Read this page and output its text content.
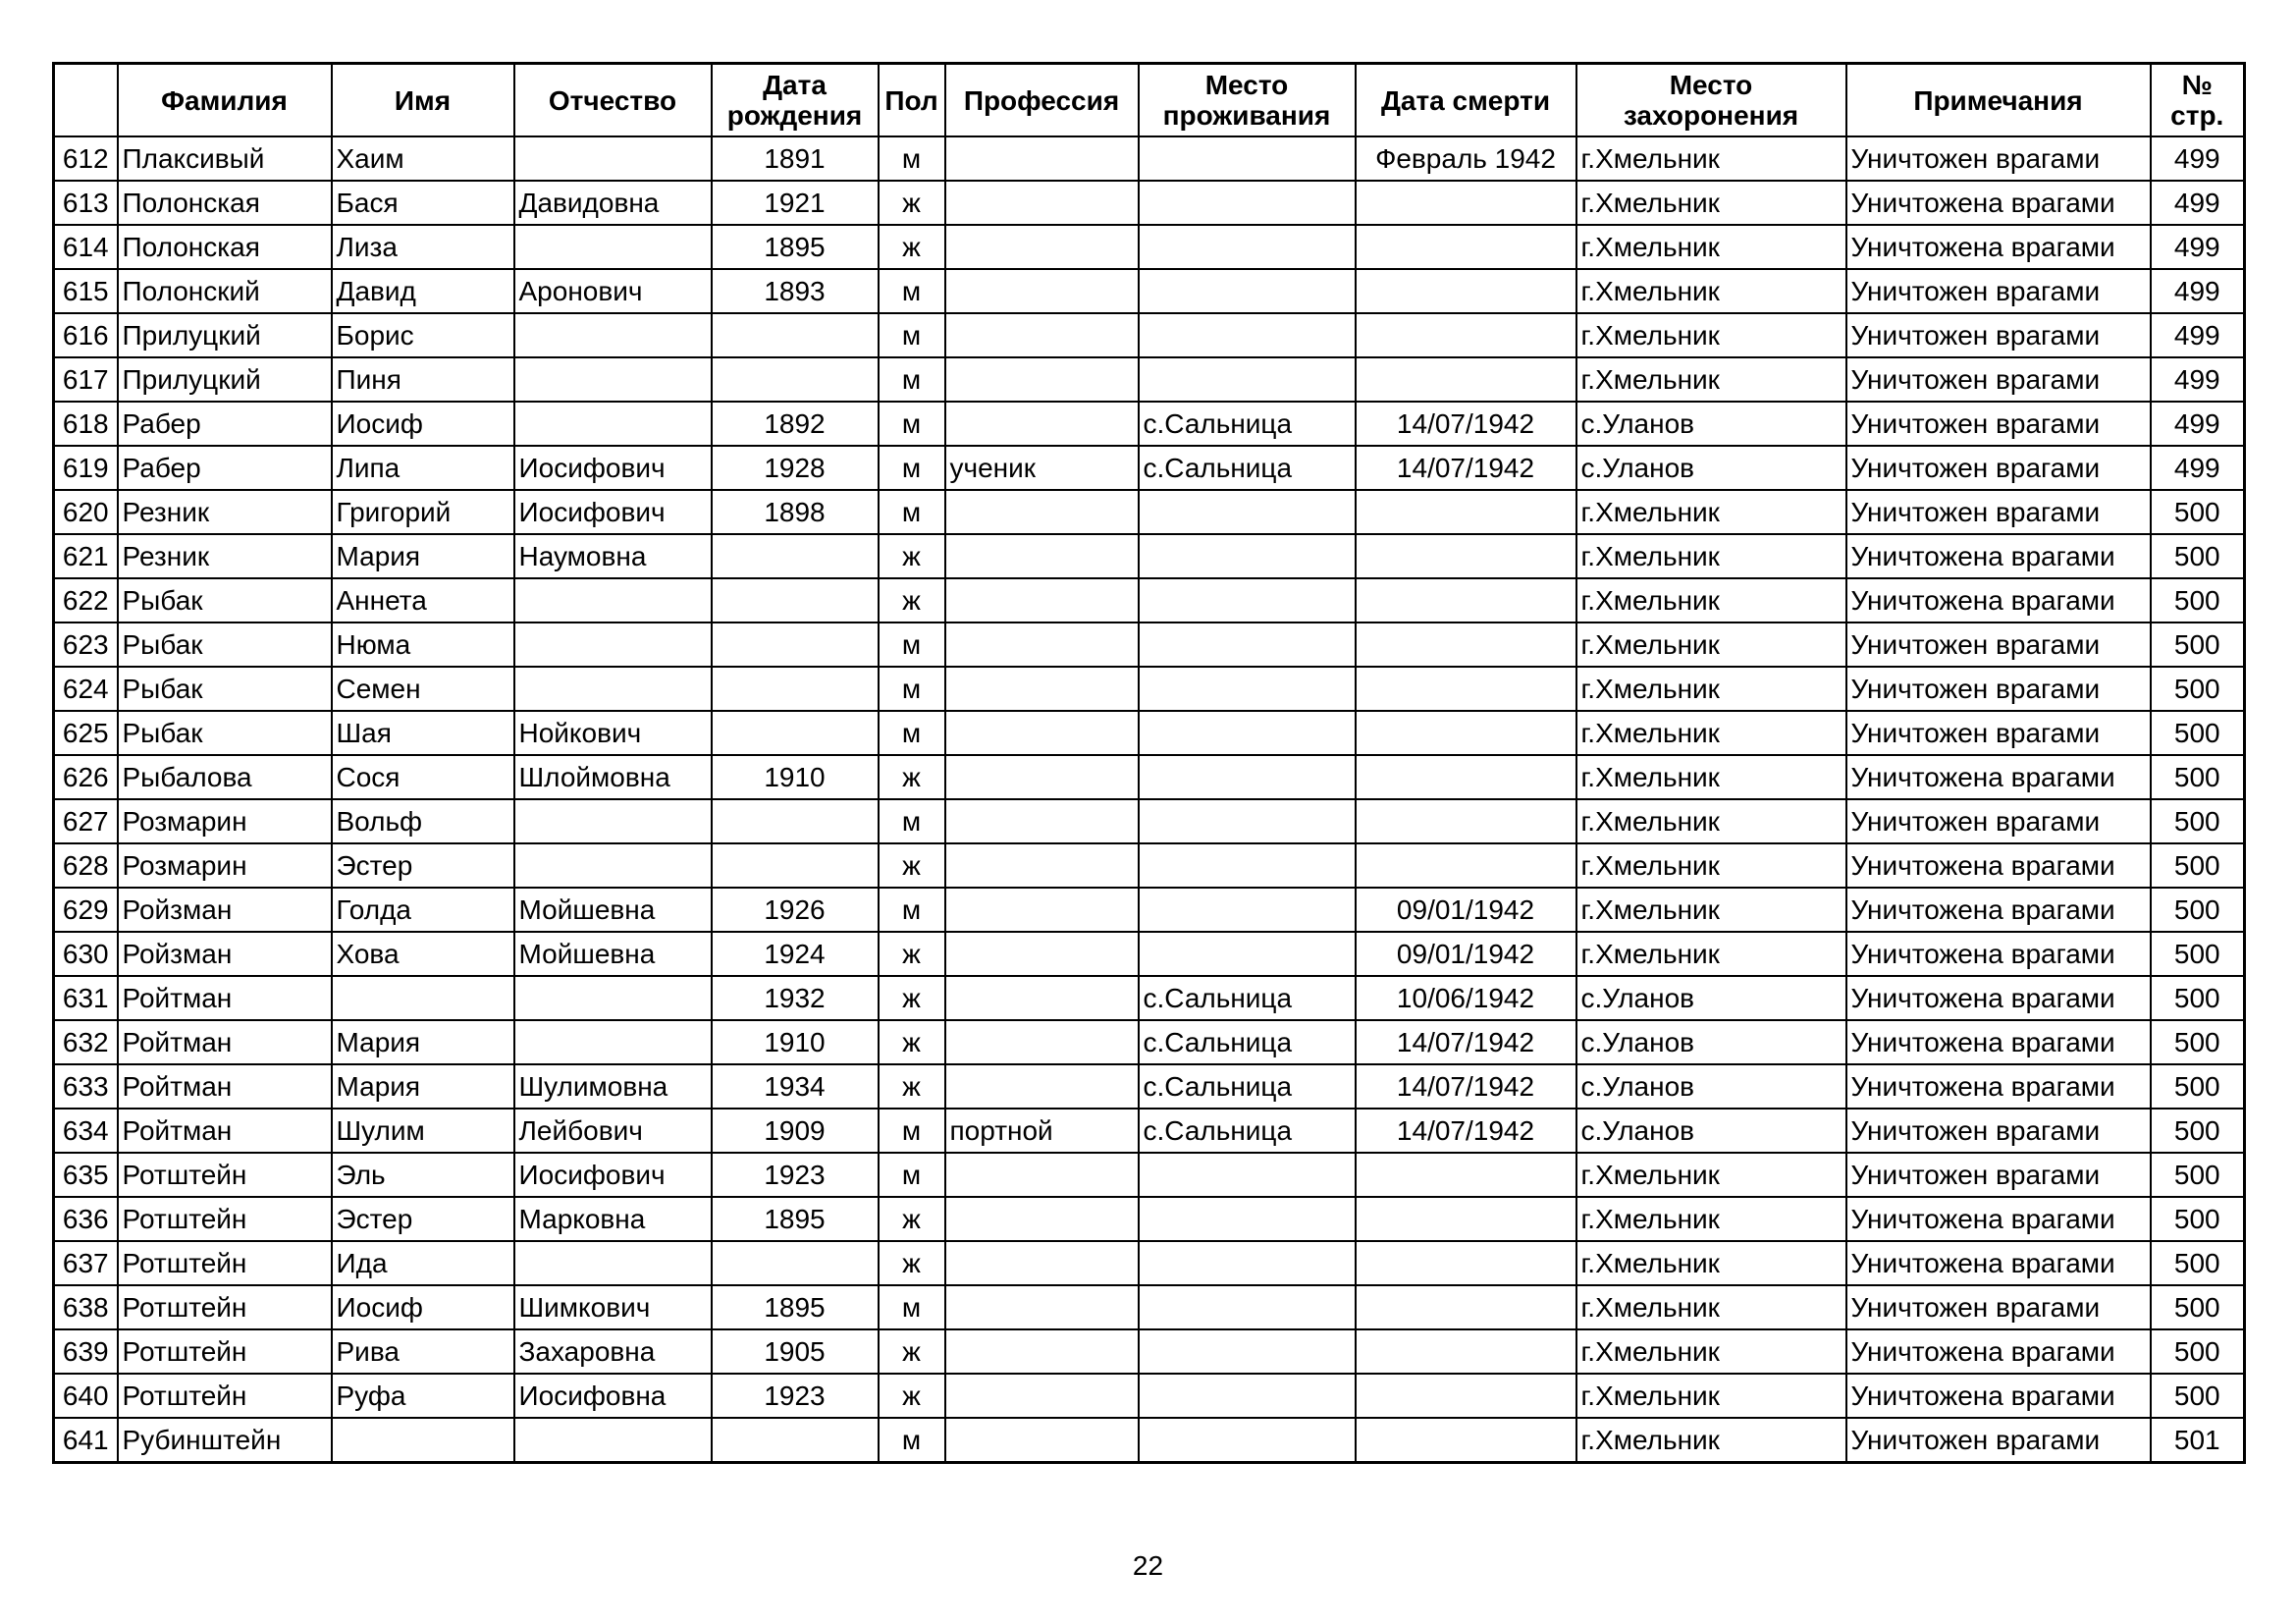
	Фамилия	Имя	Отчество	Дата рождения	Пол	Профессия	Место проживания	Дата смерти	Место захоронения	Примечания	№ стр.
612	Плаксивый	Хаим		1891	м			Февраль 1942	г.Хмельник	Уничтожен врагами	499
613	Полонская	Бася	Давидовна	1921	ж				г.Хмельник	Уничтожена врагами	499
614	Полонская	Лиза		1895	ж				г.Хмельник	Уничтожена врагами	499
615	Полонский	Давид	Аронович	1893	м				г.Хмельник	Уничтожен врагами	499
616	Прилуцкий	Борис			м				г.Хмельник	Уничтожен врагами	499
617	Прилуцкий	Пиня			м				г.Хмельник	Уничтожен врагами	499
618	Рабер	Иосиф		1892	м		с.Сальница	14/07/1942	с.Уланов	Уничтожен врагами	499
619	Рабер	Липа	Иосифович	1928	м	ученик	с.Сальница	14/07/1942	с.Уланов	Уничтожен врагами	499
620	Резник	Григорий	Иосифович	1898	м				г.Хмельник	Уничтожен врагами	500
621	Резник	Мария	Наумовна		ж				г.Хмельник	Уничтожена врагами	500
622	Рыбак	Аннета			ж				г.Хмельник	Уничтожена врагами	500
623	Рыбак	Нюма			м				г.Хмельник	Уничтожен врагами	500
624	Рыбак	Семен			м				г.Хмельник	Уничтожен врагами	500
625	Рыбак	Шая	Нойкович		м				г.Хмельник	Уничтожен врагами	500
626	Рыбалова	Сося	Шлоймовна	1910	ж				г.Хмельник	Уничтожена врагами	500
627	Розмарин	Вольф			м				г.Хмельник	Уничтожен врагами	500
628	Розмарин	Эстер			ж				г.Хмельник	Уничтожена врагами	500
629	Ройзман	Голда	Мойшевна	1926	м			09/01/1942	г.Хмельник	Уничтожена врагами	500
630	Ройзман	Хова	Мойшевна	1924	ж			09/01/1942	г.Хмельник	Уничтожена врагами	500
631	Ройтман			1932	ж		с.Сальница	10/06/1942	с.Уланов	Уничтожена врагами	500
632	Ройтман	Мария		1910	ж		с.Сальница	14/07/1942	с.Уланов	Уничтожена врагами	500
633	Ройтман	Мария	Шулимовна	1934	ж		с.Сальница	14/07/1942	с.Уланов	Уничтожена врагами	500
634	Ройтман	Шулим	Лейбович	1909	м	портной	с.Сальница	14/07/1942	с.Уланов	Уничтожен врагами	500
635	Ротштейн	Эль	Иосифович	1923	м				г.Хмельник	Уничтожен врагами	500
636	Ротштейн	Эстер	Марковна	1895	ж				г.Хмельник	Уничтожена врагами	500
637	Ротштейн	Ида			ж				г.Хмельник	Уничтожена врагами	500
638	Ротштейн	Иосиф	Шимкович	1895	м				г.Хмельник	Уничтожен врагами	500
639	Ротштейн	Рива	Захаровна	1905	ж				г.Хмельник	Уничтожена врагами	500
640	Ротштейн	Руфа	Иосифовна	1923	ж				г.Хмельник	Уничтожена врагами	500
641	Рубинштейн				м				г.Хмельник	Уничтожен врагами	501
22
